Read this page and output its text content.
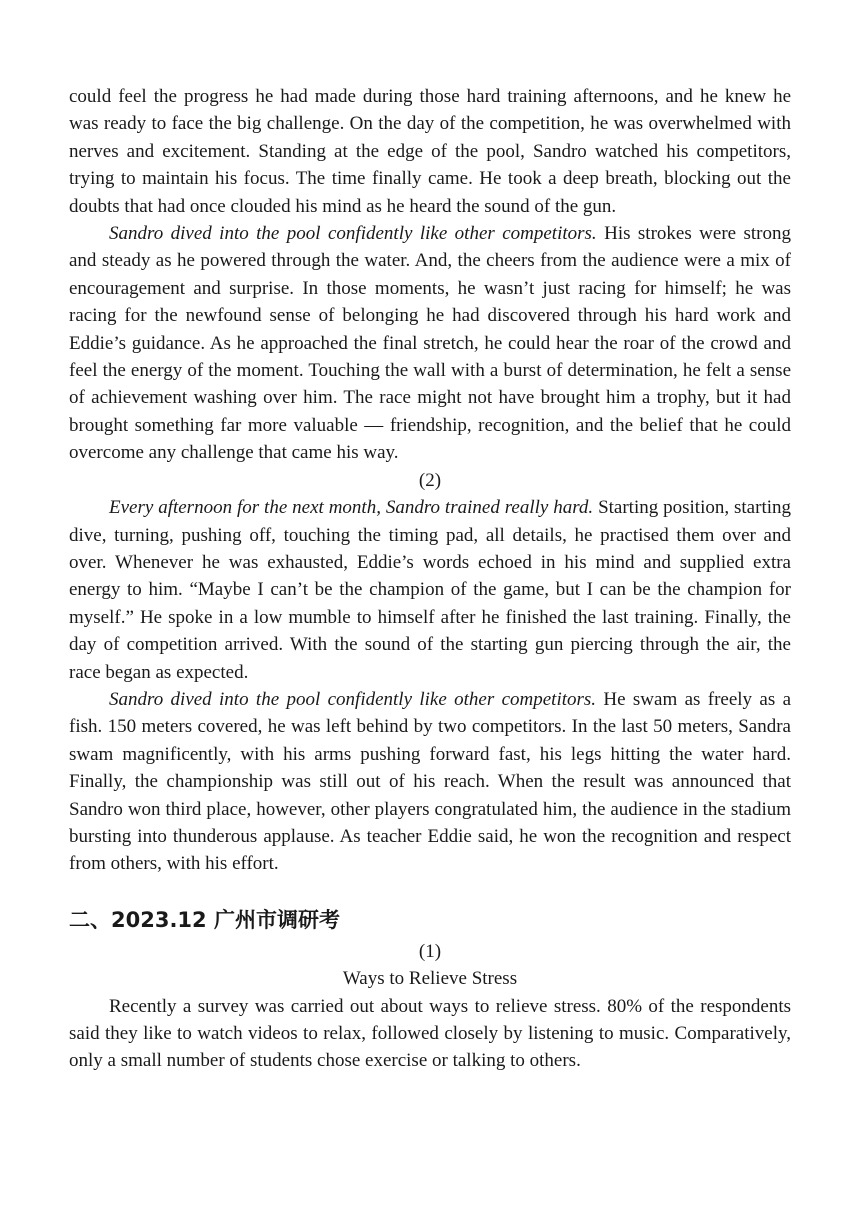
could feel the progress he had made during those hard training afternoons, and he knew he was ready to face the big challenge. On the day of the competition, he was overwhelmed with nerves and excitement. Standing at the edge of the pool, Sandro watched his competitors, trying to maintain his focus. The time finally came. He took a deep breath, blocking out the doubts that had once clouded his mind as he heard the sound of the gun.

Sandro dived into the pool confidently like other competitors. His strokes were strong and steady as he powered through the water. And, the cheers from the audience were a mix of encouragement and surprise. In those moments, he wasn’t just racing for himself; he was racing for the newfound sense of belonging he had discovered through his hard work and Eddie’s guidance. As he approached the final stretch, he could hear the roar of the crowd and feel the energy of the moment. Touching the wall with a burst of determination, he felt a sense of achievement washing over him. The race might not have brought him a trophy, but it had brought something far more valuable — friendship, recognition, and the belief that he could overcome any challenge that came his way.

(2)

Every afternoon for the next month, Sandro trained really hard. Starting position, starting dive, turning, pushing off, touching the timing pad, all details, he practised them over and over. Whenever he was exhausted, Eddie’s words echoed in his mind and supplied extra energy to him. “Maybe I can’t be the champion of the game, but I can be the champion for myself.” He spoke in a low mumble to himself after he finished the last training. Finally, the day of competition arrived. With the sound of the starting gun piercing through the air, the race began as expected.

Sandro dived into the pool confidently like other competitors. He swam as freely as a fish. 150 meters covered, he was left behind by two competitors. In the last 50 meters, Sandra swam magnificently, with his arms pushing forward fast, his legs hitting the water hard. Finally, the championship was still out of his reach. When the result was announced that Sandro won third place, however, other players congratulated him, the audience in the stadium bursting into thunderous applause. As teacher Eddie said, he won the recognition and respect from others, with his effort.

二、2023.12 广州市调研考

(1)

Ways to Relieve Stress

Recently a survey was carried out about ways to relieve stress. 80% of the respondents said they like to watch videos to relax, followed closely by listening to music. Comparatively, only a small number of students chose exercise or talking to others.
